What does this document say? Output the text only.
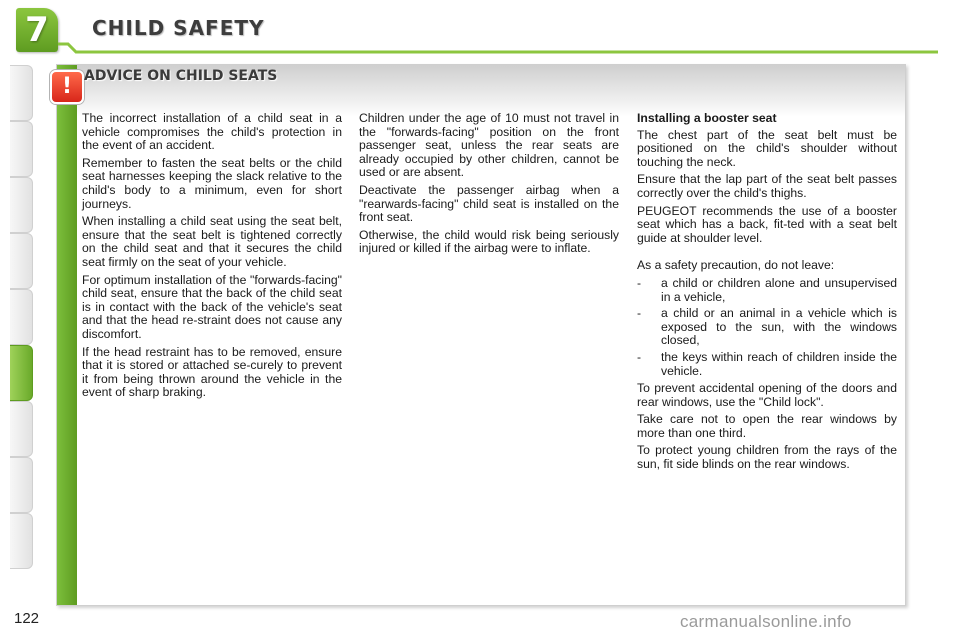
7	CHILD SAFETY
! ADVICE ON CHILD SEATS

The incorrect installation of a child seat in a vehicle compromises the child's protection in the event of an accident.

Remember to fasten the seat belts or the child seat harnesses keeping the slack relative to the child's body to a minimum, even for short journeys.

When installing a child seat using the seat belt, ensure that the seat belt is tightened correctly on the child seat and that it secures the child seat firmly on the seat of your vehicle.

For optimum installation of the "forwards-facing" child seat, ensure that the back of the child seat is in contact with the back of the vehicle's seat and that the head re-straint does not cause any discomfort.

If the head restraint has to be removed, ensure that it is stored or attached se-curely to prevent it from being thrown around the vehicle in the event of sharp braking.

Children under the age of 10 must not travel in the "forwards-facing" position on the front passenger seat, unless the rear seats are already occupied by other children, cannot be used or are absent.

Deactivate the passenger airbag when a "rearwards-facing" child seat is installed on the front seat.

Otherwise, the child would risk being seriously injured or killed if the airbag were to inflate.

Installing a booster seat

The chest part of the seat belt must be positioned on the child's shoulder without touching the neck.

Ensure that the lap part of the seat belt passes correctly over the child's thighs.

PEUGEOT recommends the use of a booster seat which has a back, fit-ted with a seat belt guide at shoulder level.

As a safety precaution, do not leave:

- a child or children alone and unsupervised in a vehicle,
- a child or an animal in a vehicle which is exposed to the sun, with the windows closed,
- the keys within reach of children inside the vehicle.

To prevent accidental opening of the doors and rear windows, use the "Child lock".

Take care not to open the rear windows by more than one third.

To protect young children from the rays of the sun, fit side blinds on the rear windows.

122	carmanualsonline.info
